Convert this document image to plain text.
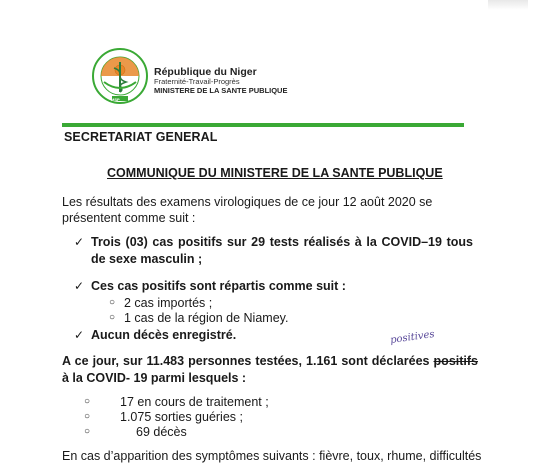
MSP
République du Niger
Fraternité-Travail-Progrès
MINISTERE DE LA SANTE PUBLIQUE
SECRETARIAT GENERAL
COMMUNIQUE DU MINISTERE DE LA SANTE PUBLIQUE
Les résultats des examens virologiques de ce jour 12 août 2020 se présentent comme suit :
✓ Trois (03) cas positifs sur 29 tests réalisés à la COVID–19 tous de sexe masculin ;
✓ Ces cas positifs sont répartis comme suit :
○ 2 cas importés ;
○ 1 cas de la région de Niamey.
✓ Aucun décès enregistré.	positives
A ce jour, sur 11.483 personnes testées, 1.161 sont déclarées positifs à la COVID- 19 parmi lesquels :
○ 17 en cours de traitement ;
○ 1.075 sorties guéries ;
○	69 décès
En cas d’apparition des symptômes suivants : fièvre, toux, rhume, difficultés
